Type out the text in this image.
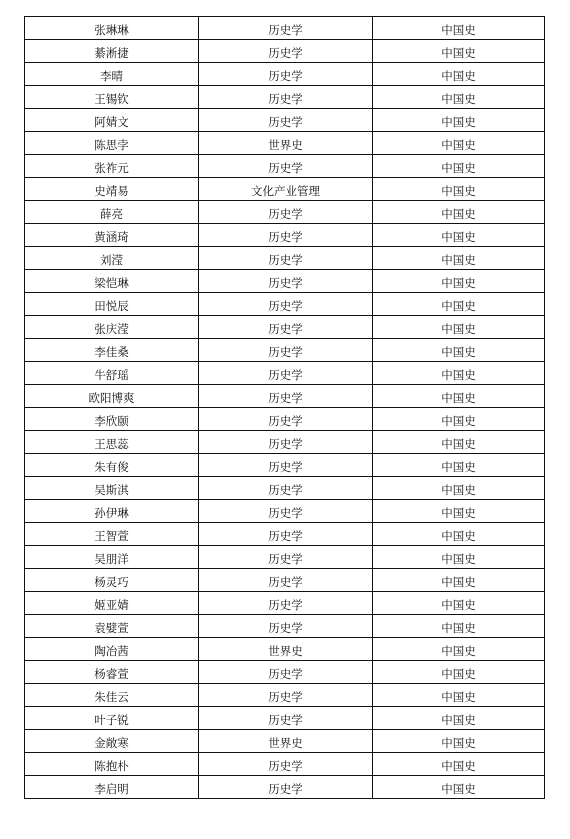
张琳琳	历史学	中国史
綦淅捷	历史学	中国史
李晴	历史学	中国史
王锡钦	历史学	中国史
阿婧文	历史学	中国史
陈思孛	世界史	中国史
张祚元	历史学	中国史
史靖易	文化产业管理	中国史
薛亮	历史学	中国史
黄涵琦	历史学	中国史
刘滢	历史学	中国史
梁恺琳	历史学	中国史
田悦辰	历史学	中国史
张庆滢	历史学	中国史
李佳桑	历史学	中国史
牛舒瑶	历史学	中国史
欧阳博爽	历史学	中国史
李欣颐	历史学	中国史
王思蕊	历史学	中国史
朱有俊	历史学	中国史
吴斯淇	历史学	中国史
孙伊琳	历史学	中国史
王智萱	历史学	中国史
吴朋洋	历史学	中国史
杨灵巧	历史学	中国史
姬亚婧	历史学	中国史
袁嬖萱	历史学	中国史
陶冶茜	世界史	中国史
杨睿萱	历史学	中国史
朱佳云	历史学	中国史
叶子锐	历史学	中国史
金敞寒	世界史	中国史
陈抱朴	历史学	中国史
李启明	历史学	中国史
